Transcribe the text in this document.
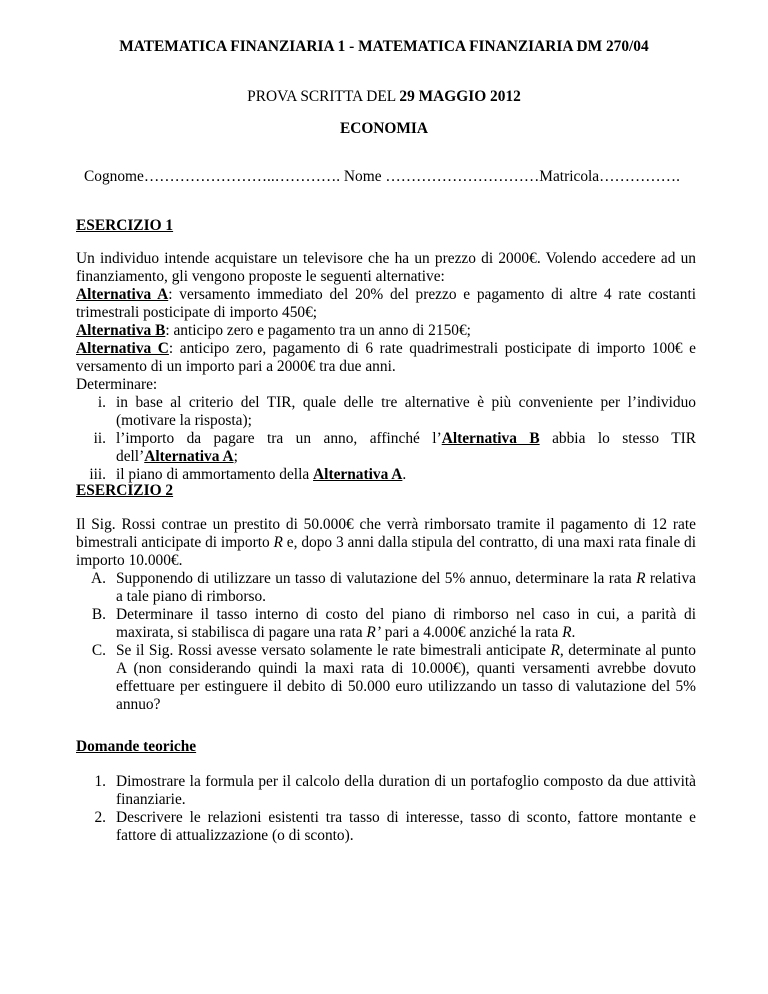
MATEMATICA FINANZIARIA 1 - MATEMATICA FINANZIARIA DM 270/04
PROVA SCRITTA DEL 29 MAGGIO 2012
ECONOMIA
Cognome……………………..…………. Nome …………………………Matricola…………….
ESERCIZIO 1

Un individuo intende acquistare un televisore che ha un prezzo di 2000€. Volendo accedere ad un finanziamento, gli vengono proposte le seguenti alternative:

Alternativa A: versamento immediato del 20% del prezzo e pagamento di altre 4 rate costanti trimestrali posticipate di importo 450€;

Alternativa B: anticipo zero e pagamento tra un anno di 2150€;

Alternativa C: anticipo zero, pagamento di 6 rate quadrimestrali posticipate di importo 100€ e versamento di un importo pari a 2000€ tra due anni.

Determinare:

i. in base al criterio del TIR, quale delle tre alternative è più conveniente per l’individuo (motivare la risposta);
ii. l’importo da pagare tra un anno, affinché l’Alternativa B abbia lo stesso TIR dell’Alternativa A;
iii. il piano di ammortamento della Alternativa A.
ESERCIZIO 2

Il Sig. Rossi contrae un prestito di 50.000€ che verrà rimborsato tramite il pagamento di 12 rate bimestrali anticipate di importo R e, dopo 3 anni dalla stipula del contratto, di una maxi rata finale di importo 10.000€.

A. Supponendo di utilizzare un tasso di valutazione del 5% annuo, determinare la rata R relativa a tale piano di rimborso.
B. Determinare il tasso interno di costo del piano di rimborso nel caso in cui, a parità di maxirata, si stabilisca di pagare una rata R’ pari a 4.000€ anziché la rata R.
C. Se il Sig. Rossi avesse versato solamente le rate bimestrali anticipate R, determinate al punto A (non considerando quindi la maxi rata di 10.000€), quanti versamenti avrebbe dovuto effettuare per estinguere il debito di 50.000 euro utilizzando un tasso di valutazione del 5% annuo?
Domande teoriche
1. Dimostrare la formula per il calcolo della duration di un portafoglio composto da due attività finanziarie.
2. Descrivere le relazioni esistenti tra tasso di interesse, tasso di sconto, fattore montante e fattore di attualizzazione (o di sconto).
